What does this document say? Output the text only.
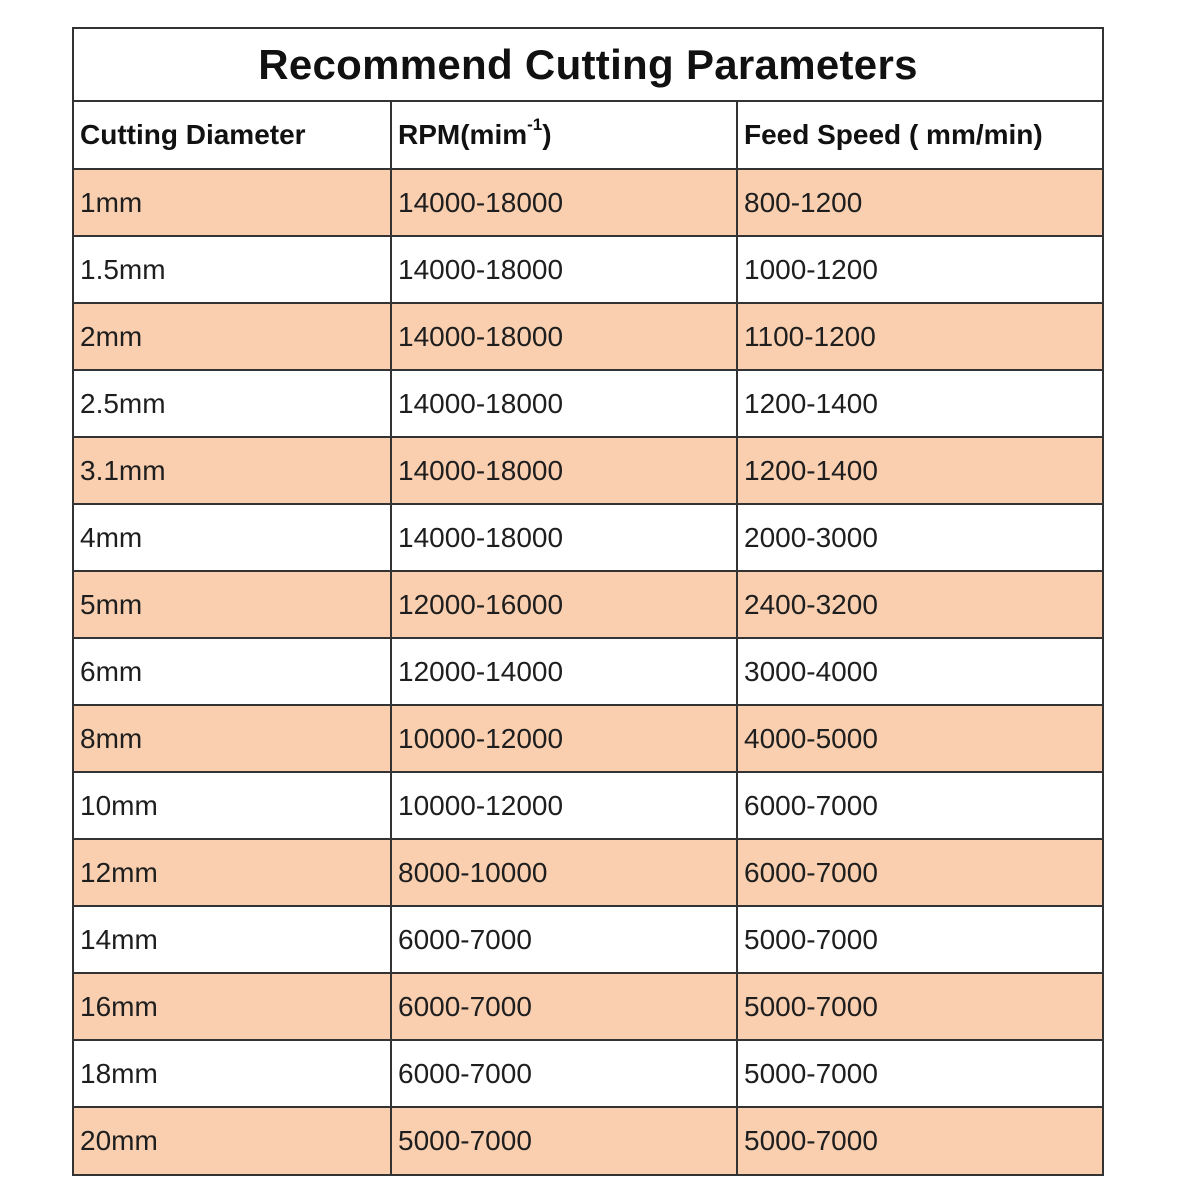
Recommend Cutting Parameters
Cutting Diameter	RPM(mim$^{-1}$)	Feed Speed ( mm/min)
1mm	14000-18000	800-1200
1.5mm	14000-18000	1000-1200
2mm	14000-18000	1100-1200
2.5mm	14000-18000	1200-1400
3.1mm	14000-18000	1200-1400
4mm	14000-18000	2000-3000
5mm	12000-16000	2400-3200
6mm	12000-14000	3000-4000
8mm	10000-12000	4000-5000
10mm	10000-12000	6000-7000
12mm	8000-10000	6000-7000
14mm	6000-7000	5000-7000
16mm	6000-7000	5000-7000
18mm	6000-7000	5000-7000
20mm	5000-7000	5000-7000
